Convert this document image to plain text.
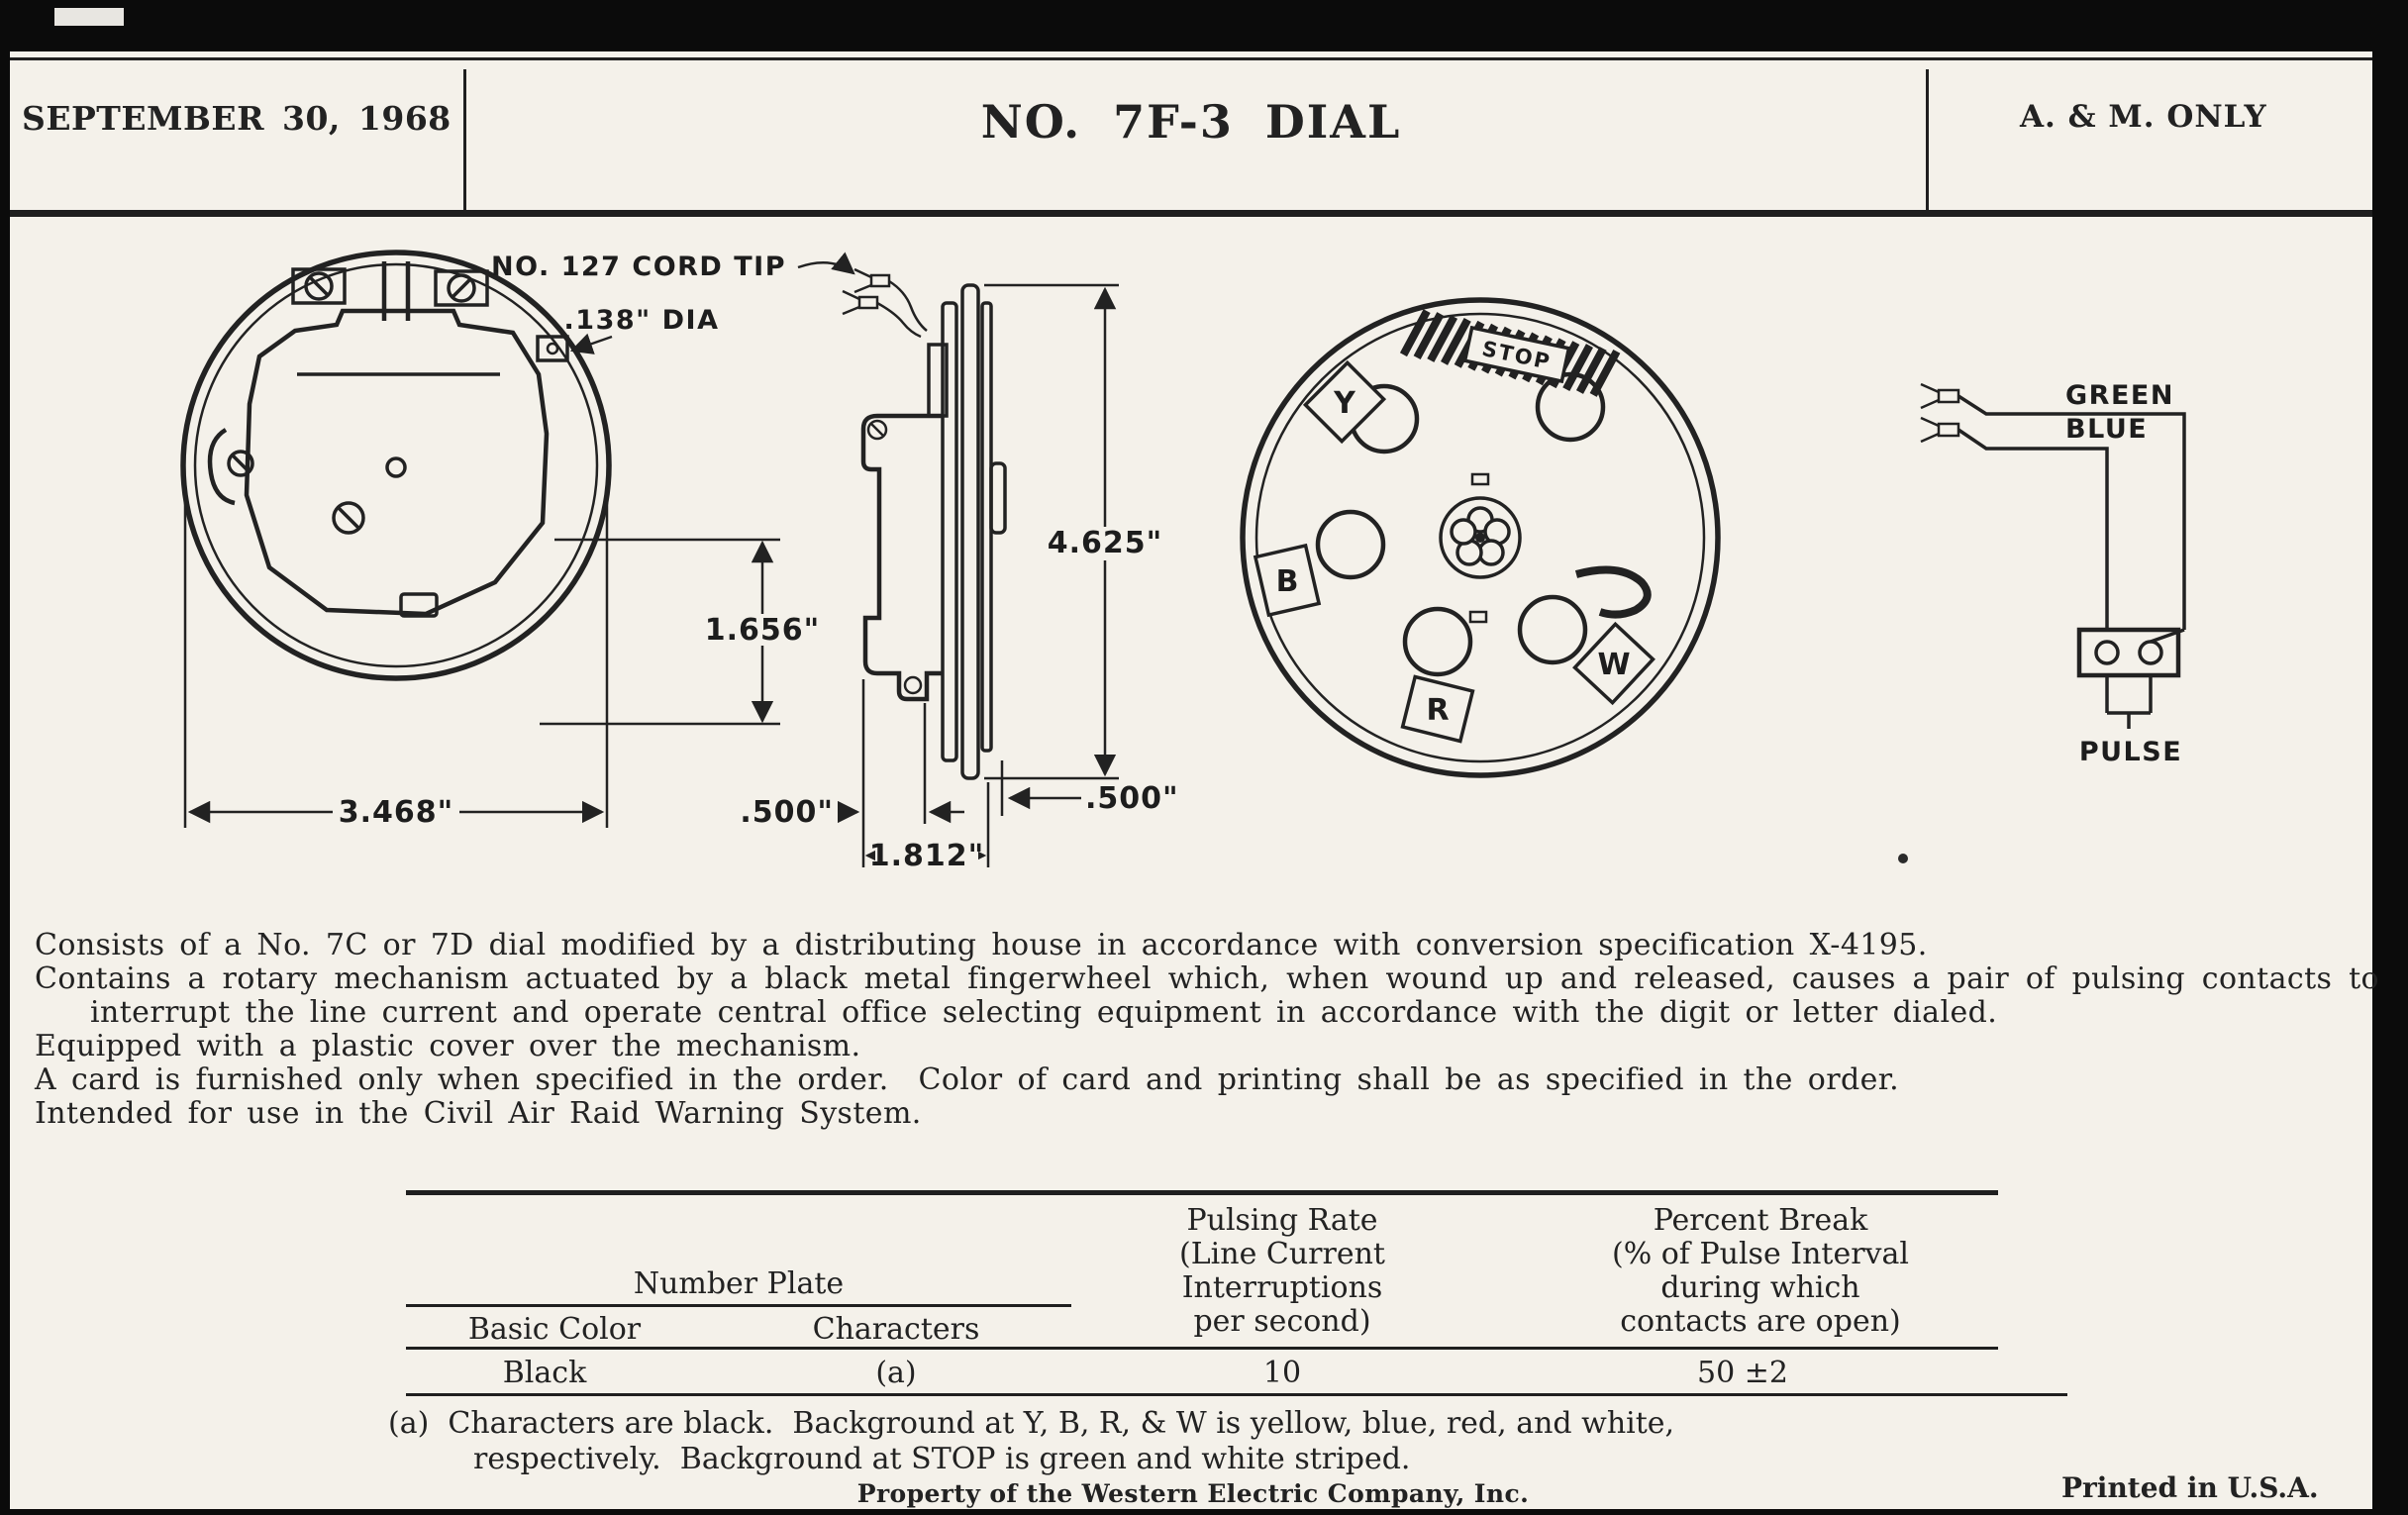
SEPTEMBER 30, 1968	NO. 7F-3 DIAL	A. & M. ONLY
3.468"
1.656"
.138" DIA
NO. 127 CORD TIP
4.625"
.500"
1.812"
.500"
Y
B
R
W
STOP
GREEN
BLUE
PULSE

Consists of a No. 7C or 7D dial modified by a distributing house in accordance with conversion specification X-4195.

Contains a rotary mechanism actuated by a black metal fingerwheel which, when wound up and released, causes a pair of pulsing contacts to interrupt the line current and operate central office selecting equipment in accordance with the digit or letter dialed.

Equipped with a plastic cover over the mechanism.

A card is furnished only when specified in the order.  Color of card and printing shall be as specified in the order.

Intended for use in the Civil Air Raid Warning System.

Pulsing Rate
(Line Current
Interruptions
per second)
Percent Break
(% of Pulse Interval
during which
contacts are open)
Number Plate
Basic Color	Characters
Black	(a)	10	50 ±2
(a)  Characters are black.  Background at Y, B, R, & W is yellow, blue, red, and white,
respectively.  Background at STOP is green and white striped.
Property of the Western Electric Company, Inc.	Printed in U.S.A.
